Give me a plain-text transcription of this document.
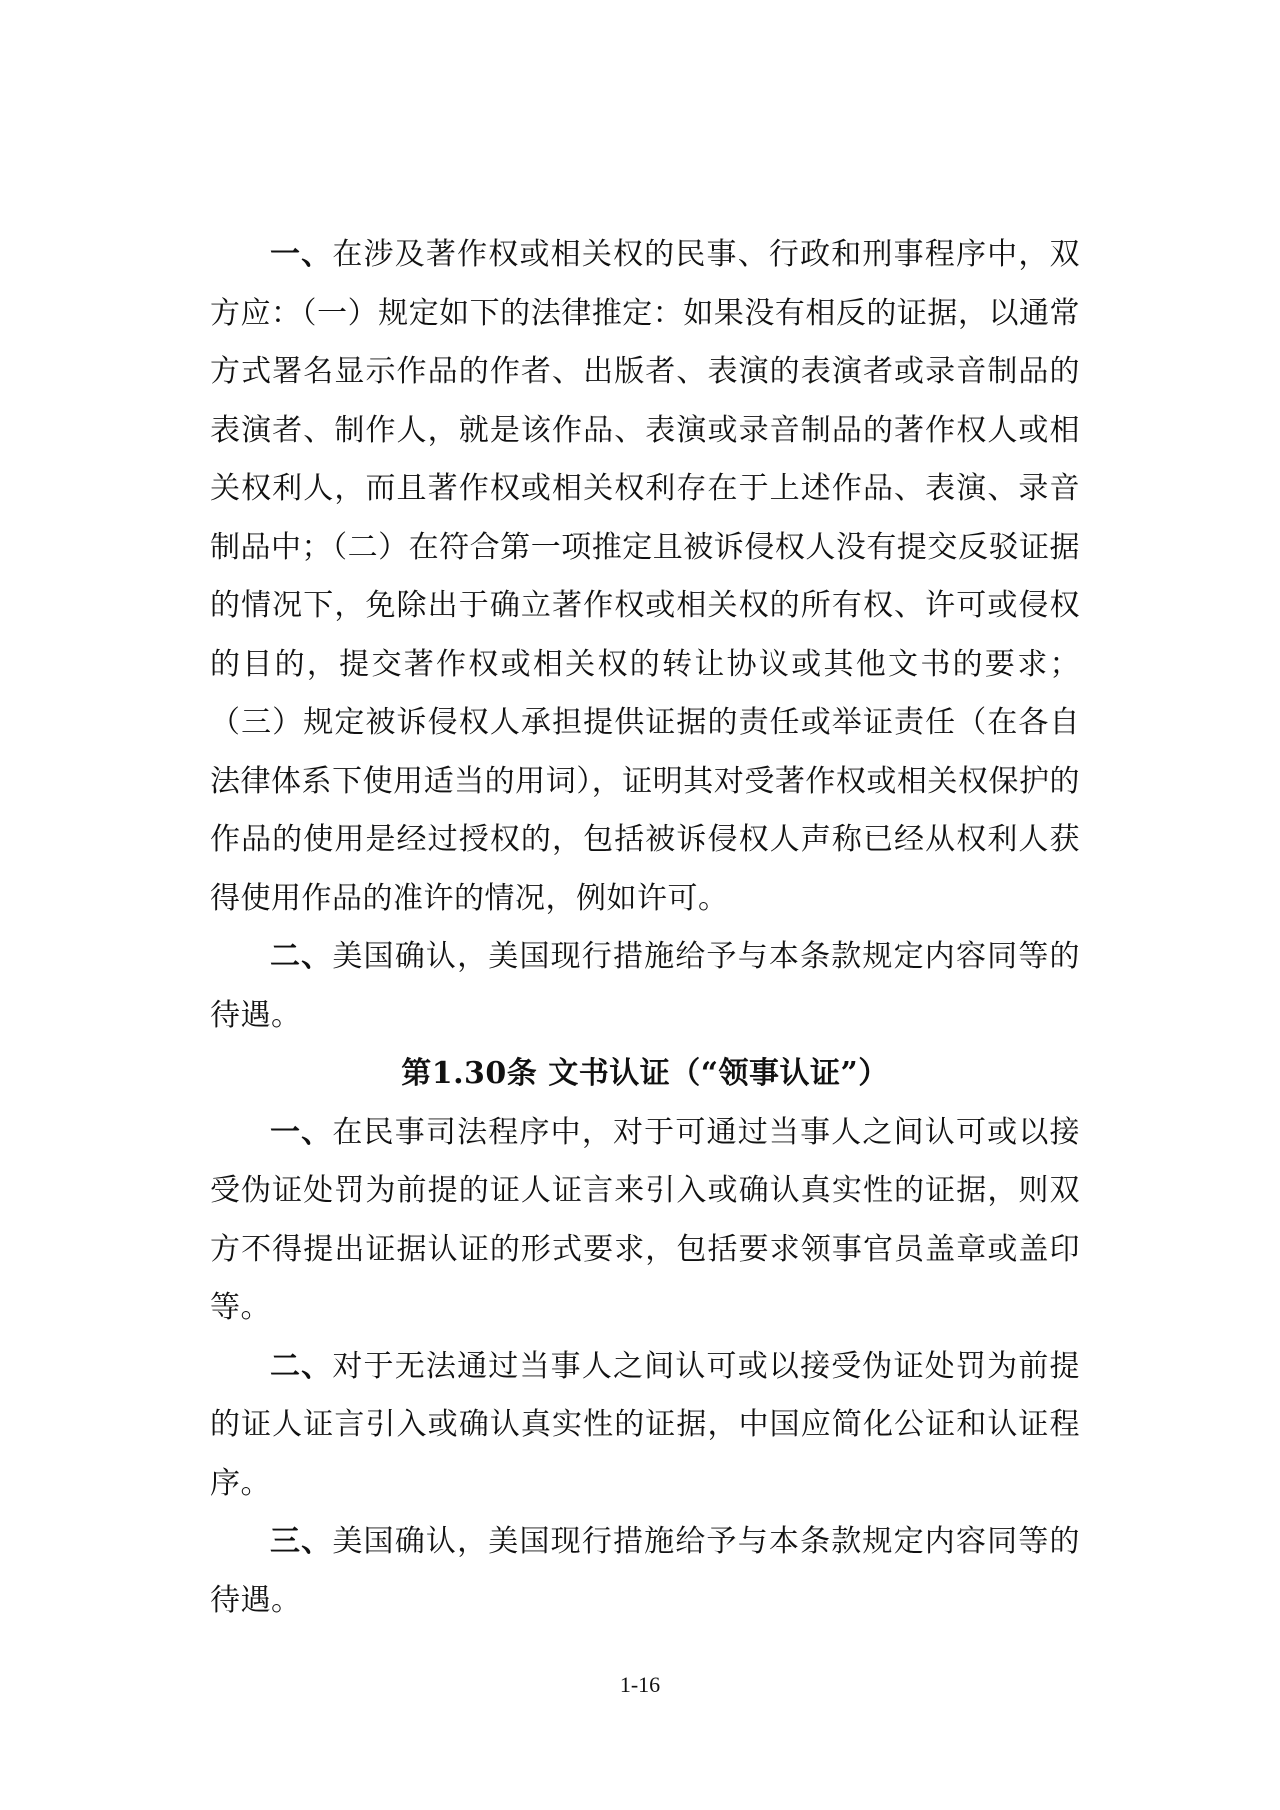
一、在涉及著作权或相关权的民事、行政和刑事程序中，双方应：（一）规定如下的法律推定：如果没有相反的证据，以通常方式署名显示作品的作者、出版者、表演的表演者或录音制品的表演者、制作人，就是该作品、表演或录音制品的著作权人或相关权利人，而且著作权或相关权利存在于上述作品、表演、录音制品中；（二）在符合第一项推定且被诉侵权人没有提交反驳证据的情况下，免除出于确立著作权或相关权的所有权、许可或侵权的目的，提交著作权或相关权的转让协议或其他文书的要求；（三）规定被诉侵权人承担提供证据的责任或举证责任（在各自法律体系下使用适当的用词），证明其对受著作权或相关权保护的作品的使用是经过授权的，包括被诉侵权人声称已经从权利人获得使用作品的准许的情况，例如许可。

二、美国确认，美国现行措施给予与本条款规定内容同等的待遇。

第1.30条 文书认证（“领事认证”）

一、在民事司法程序中，对于可通过当事人之间认可或以接受伪证处罚为前提的证人证言来引入或确认真实性的证据，则双方不得提出证据认证的形式要求，包括要求领事官员盖章或盖印等。

二、对于无法通过当事人之间认可或以接受伪证处罚为前提的证人证言引入或确认真实性的证据，中国应简化公证和认证程序。

三、美国确认，美国现行措施给予与本条款规定内容同等的待遇。

1-16
